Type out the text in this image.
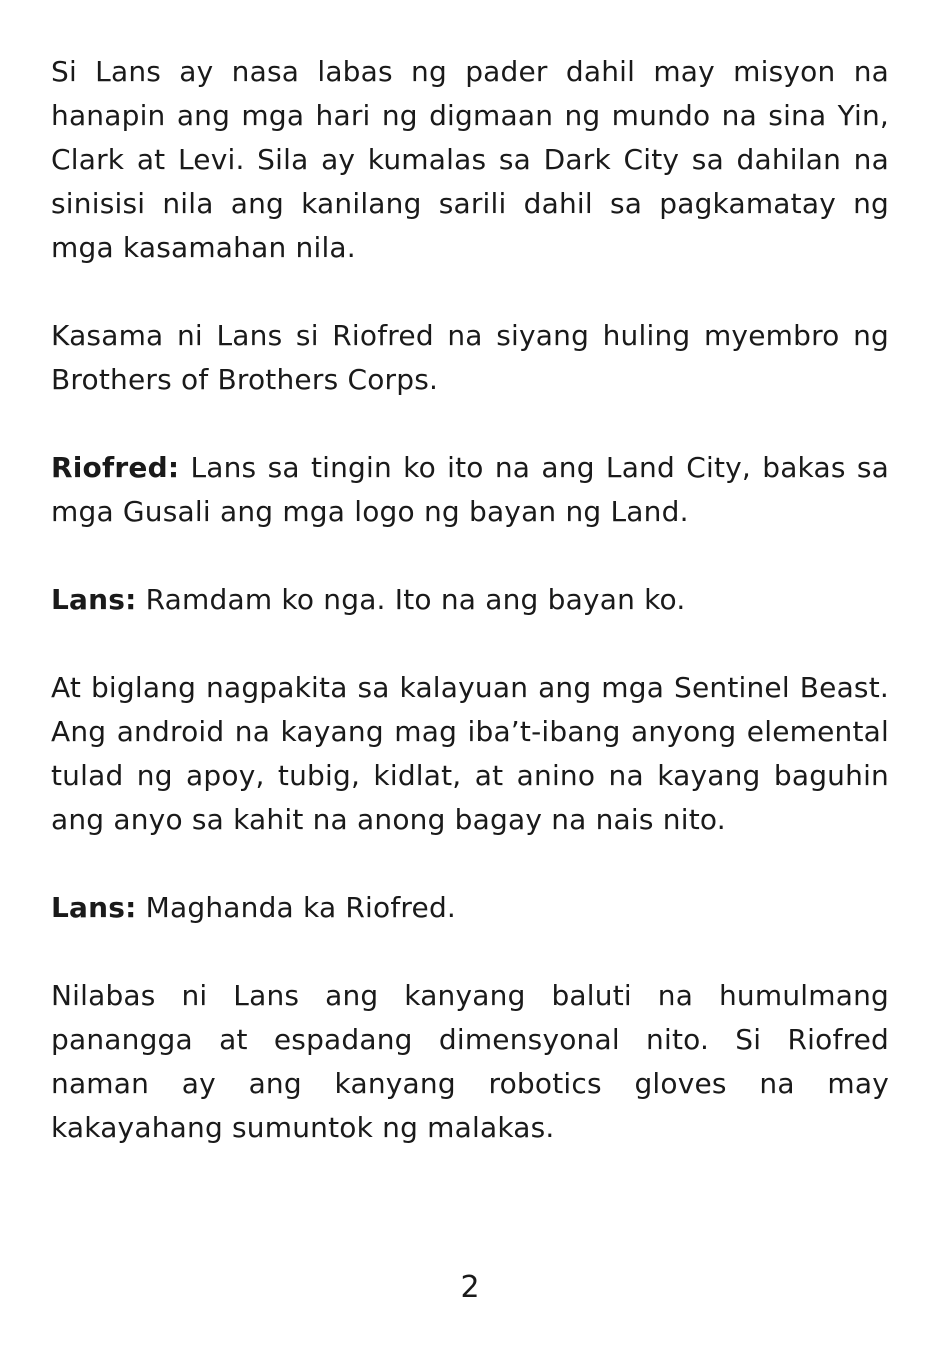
Si Lans ay nasa labas ng pader dahil may misyon na hanapin ang mga hari ng digmaan ng mundo na sina Yin, Clark at Levi. Sila ay kumalas sa Dark City sa dahilan na sinisisi nila ang kanilang sarili dahil sa pagkamatay ng mga kasamahan nila.

Kasama ni Lans si Riofred na siyang huling myembro ng Brothers of Brothers Corps.

Riofred: Lans sa tingin ko ito na ang Land City, bakas sa mga Gusali ang mga logo ng bayan ng Land.

Lans: Ramdam ko nga. Ito na ang bayan ko.

At biglang nagpakita sa kalayuan ang mga Sentinel Beast. Ang android na kayang mag iba’t-ibang anyong elemental tulad ng apoy, tubig, kidlat, at anino na kayang baguhin ang anyo sa kahit na anong bagay na nais nito.

Lans: Maghanda ka Riofred.

Nilabas ni Lans ang kanyang baluti na humulmang panangga at espadang dimensyonal nito. Si Riofred naman ay ang kanyang robotics gloves na may kakayahang sumuntok ng malakas.

2
